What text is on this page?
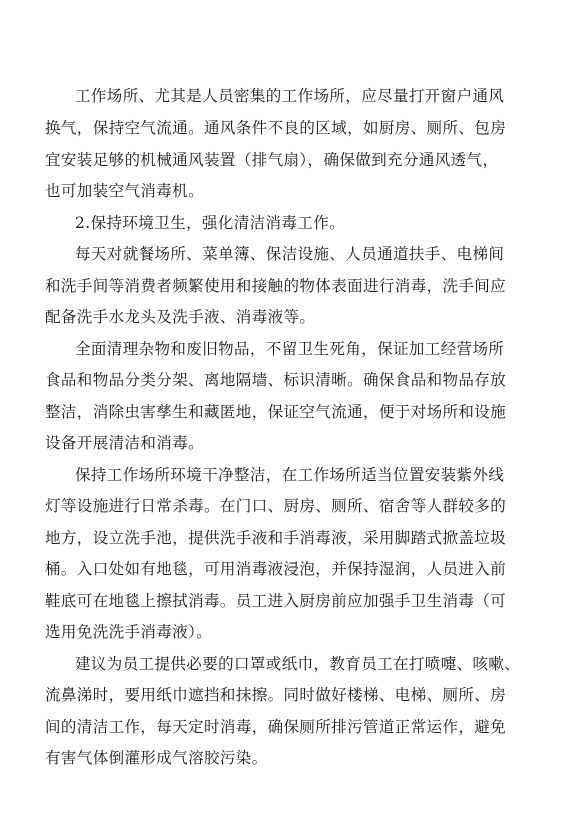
工作场所、尤其是人员密集的工作场所，应尽量打开窗户通风
换气，保持空气流通。通风条件不良的区域，如厨房、厕所、包房
宜安装足够的机械通风装置（排气扇），确保做到充分通风透气，
也可加装空气消毒机。
2.保持环境卫生，强化清洁消毒工作。
每天对就餐场所、菜单簿、保洁设施、人员通道扶手、电梯间
和洗手间等消费者频繁使用和接触的物体表面进行消毒，洗手间应
配备洗手水龙头及洗手液、消毒液等。
全面清理杂物和废旧物品，不留卫生死角，保证加工经营场所
食品和物品分类分架、离地隔墙、标识清晰。确保食品和物品存放
整洁，消除虫害孳生和藏匿地，保证空气流通，便于对场所和设施
设备开展清洁和消毒。
保持工作场所环境干净整洁，在工作场所适当位置安装紫外线
灯等设施进行日常杀毒。在门口、厨房、厕所、宿舍等人群较多的
地方，设立洗手池，提供洗手液和手消毒液，采用脚踏式掀盖垃圾
桶。入口处如有地毯，可用消毒液浸泡，并保持湿润，人员进入前
鞋底可在地毯上擦拭消毒。员工进入厨房前应加强手卫生消毒（可
选用免洗洗手消毒液）。
建议为员工提供必要的口罩或纸巾，教育员工在打喷嚏、咳嗽、
流鼻涕时，要用纸巾遮挡和抹擦。同时做好楼梯、电梯、厕所、房
间的清洁工作，每天定时消毒，确保厕所排污管道正常运作，避免
有害气体倒灌形成气溶胶污染。
